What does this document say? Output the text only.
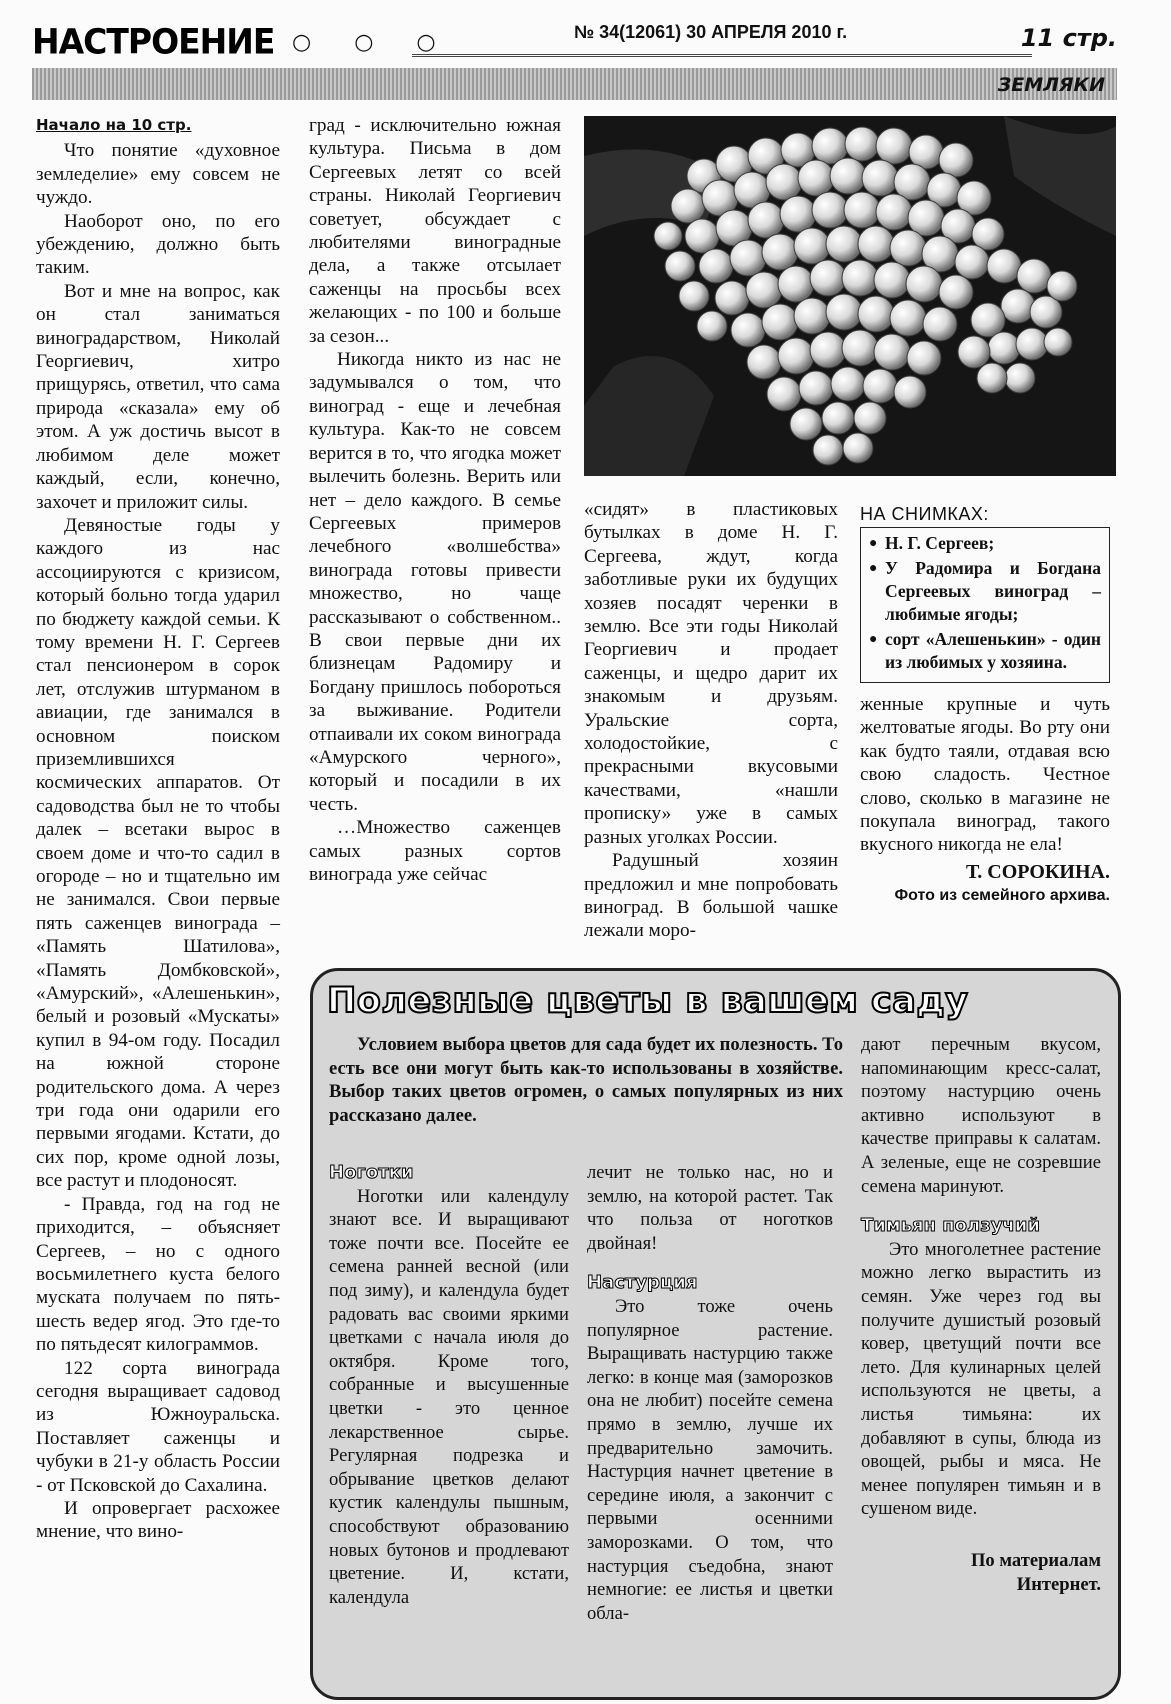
НАСТРОЕНИЕ ○ ○ ○	№ 34(12061) 30 АПРЕЛЯ 2010 г.	11 стр.
ЗЕМЛЯКИ
Начало на 10 стр.

Что понятие «духовное земледелие» ему совсем не чуждо.

Наоборот оно, по его убеждению, должно быть таким.

Вот и мне на вопрос, как он стал заниматься виноградарством, Николай Георгиевич, хитро прищурясь, ответил, что сама природа «сказала» ему об этом. А уж достичь высот в любимом деле может каждый, если, конечно, захочет и приложит силы.

Девяностые годы у каждого из нас ассоциируются с кризисом, который больно тогда ударил по бюджету каждой семьи. К тому времени Н. Г. Сергеев стал пенсионером в сорок лет, отслужив штурманом в авиации, где занимался в основном поиском приземлившихся космических аппаратов. От садоводства был не то чтобы далек – всетаки вырос в своем доме и что-то садил в огороде – но и тщательно им не занимался. Свои первые пять саженцев винограда – «Память Шатилова», «Память Домбковской», «Амурский», «Алешенькин», белый и розовый «Мускаты» купил в 94-ом году. Посадил на южной стороне родительского дома. А через три года они одарили его первыми ягодами. Кстати, до сих пор, кроме одной лозы, все растут и плодоносят.

- Правда, год на год не приходится, – объясняет Сергеев, – но с одного восьмилетнего куста белого муската получаем по пять-шесть ведер ягод. Это где-то по пятьдесят килограммов.

122 сорта винограда сегодня выращивает садовод из Южноуральска. Поставляет саженцы и чубуки в 21-у область России - от Псковской до Сахалина.

И опровергает расхожее мнение, что вино-

град - исключительно южная культура. Письма в дом Сергеевых летят со всей страны. Николай Георгиевич советует, обсуждает с любителями виноградные дела, а также отсылает саженцы на просьбы всех желающих - по 100 и больше за сезон...

Никогда никто из нас не задумывался о том, что виноград - еще и лечебная культура. Как-то не совсем верится в то, что ягодка может вылечить болезнь. Верить или нет – дело каждого. В семье Сергеевых примеров лечебного «волшебства» винограда готовы привести множество, но чаще рассказывают о собственном.. В свои первые дни их близнецам Радомиру и Богдану пришлось побороться за выживание. Родители отпаивали их соком винограда «Амурского черного», который и посадили в их честь.

…Множество саженцев самых разных сортов винограда уже сейчас

«сидят» в пластиковых бутылках в доме Н. Г. Сергеева, ждут, когда заботливые руки их будущих хозяев посадят черенки в землю. Все эти годы Николай Георгиевич и продает саженцы, и щедро дарит их знакомым и друзьям. Уральские сорта, холодостойкие, с прекрасными вкусовыми качествами, «нашли прописку» уже в самых разных уголках России.

Радушный хозяин предложил и мне попробовать виноград. В большой чашке лежали моро-

НА СНИМКАХ:
● Н. Г. Сергеев;
● У Радомира и Богдана Сергеевых виноград – любимые ягоды;
● сорт «Алешенькин» - один из любимых у хозяина.

женные крупные и чуть желтоватые ягоды. Во рту они как будто таяли, отдавая всю свою сладость. Честное слово, сколько в магазине не покупала виноград, такого вкусного никогда не ела!

Т. СОРОКИНА.
Фото из семейного архива.
Полезные цветы в вашем саду

Условием выбора цветов для сада будет их полезность. То есть все они могут быть как-то использованы в хозяйстве. Выбор таких цветов огромен, о самых популярных из них рассказано далее.

Ноготки

Ноготки или календулу знают все. И выращивают тоже почти все. Посейте ее семена ранней весной (или под зиму), и календула будет радовать вас своими яркими цветками с начала июля до октября. Кроме того, собранные и высушенные цветки - это ценное лекарственное сырье. Регулярная подрезка и обрывание цветков делают кустик календулы пышным, способствуют образованию новых бутонов и продлевают цветение. И, кстати, календула

лечит не только нас, но и землю, на которой растет. Так что польза от ноготков двойная!

Настурция

Это тоже очень популярное растение. Выращивать настурцию также легко: в конце мая (заморозков она не любит) посейте семена прямо в землю, лучше их предварительно замочить. Настурция начнет цветение в середине июля, а закончит с первыми осенними заморозками. О том, что настурция съедобна, знают немногие: ее листья и цветки обла-

дают перечным вкусом, напоминающим кресс-салат, поэтому настурцию очень активно используют в качестве приправы к салатам. А зеленые, еще не созревшие семена маринуют.

Тимьян ползучий

Это многолетнее растение можно легко вырастить из семян. Уже через год вы получите душистый розовый ковер, цветущий почти все лето. Для кулинарных целей используются не цветы, а листья тимьяна: их добавляют в супы, блюда из овощей, рыбы и мяса. Не менее популярен тимьян и в сушеном виде.

По материалам
Интернет.
